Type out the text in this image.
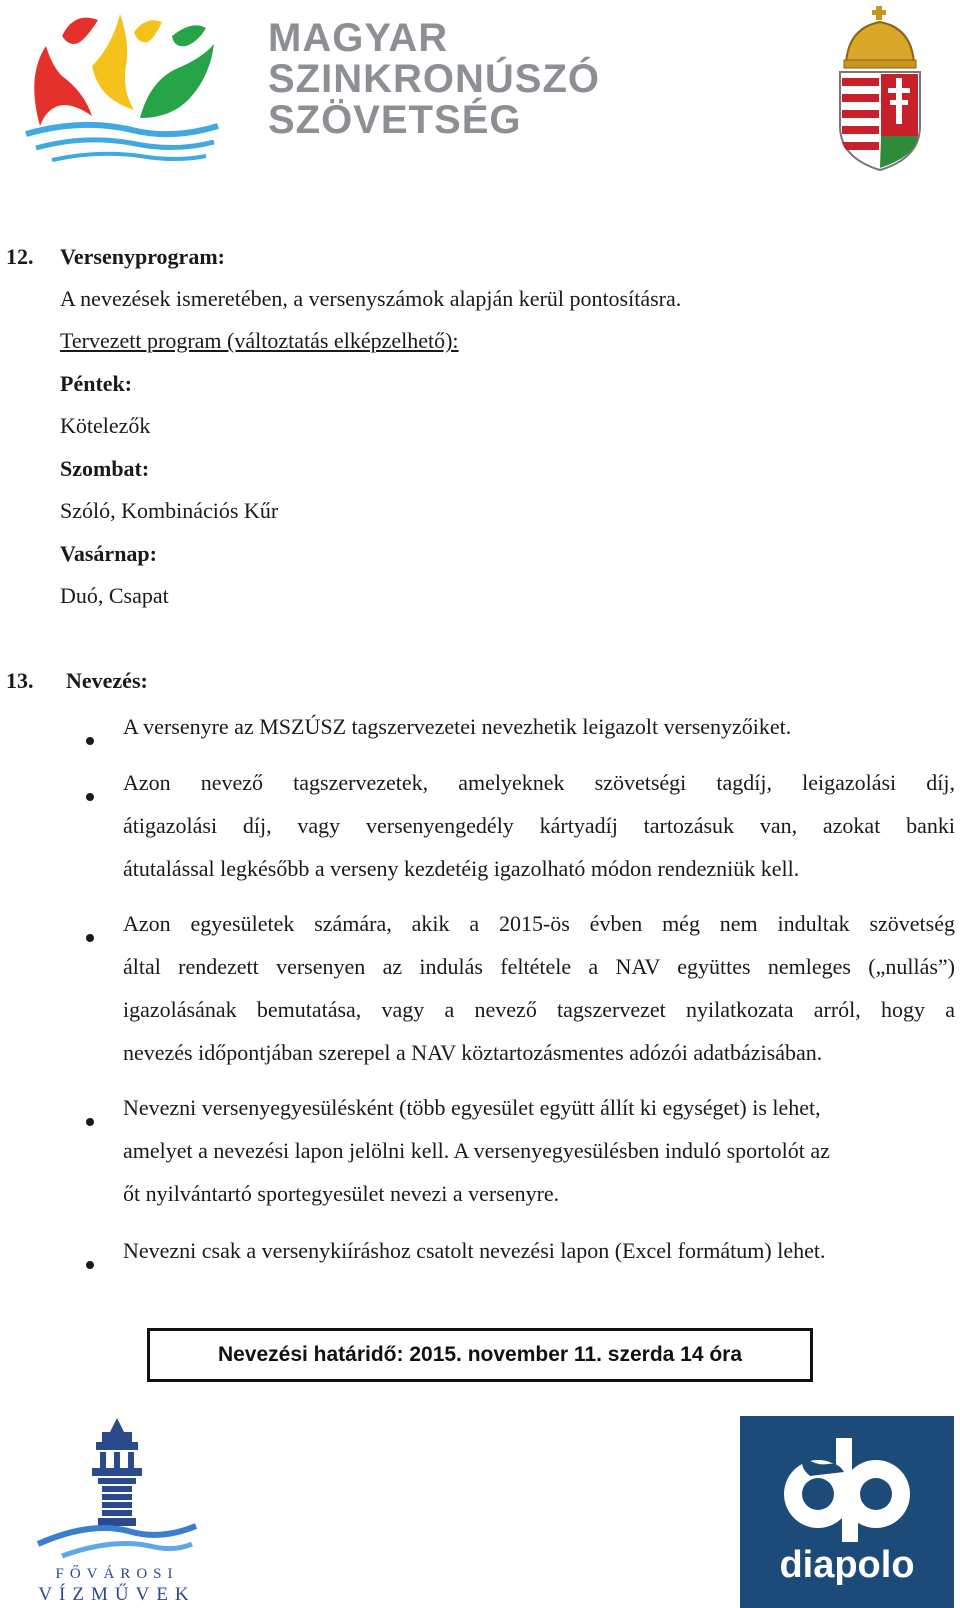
MAGYAR
SZINKRONÚSZÓ
SZÖVETSÉG
12. Versenyprogram:
A nevezések ismeretében, a versenyszámok alapján kerül pontosításra.
Tervezett program (változtatás elképzelhető):
Péntek:
Kötelezők
Szombat:
Szóló, Kombinációs Kűr
Vasárnap:
Duó, Csapat
13. Nevezés:
A versenyre az MSZÚSZ tagszervezetei nevezhetik leigazolt versenyzőiket.
Azon nevező tagszervezetek, amelyeknek szövetségi tagdíj, leigazolási díj,
átigazolási díj, vagy versenyengedély kártyadíj tartozásuk van, azokat banki
átutalással legkésőbb a verseny kezdetéig igazolható módon rendezniük kell.
Azon egyesületek számára, akik a 2015-ös évben még nem indultak szövetség
által rendezett versenyen az indulás feltétele a NAV együttes nemleges („nullás”)
igazolásának bemutatása, vagy a nevező tagszervezet nyilatkozata arról, hogy a
nevezés időpontjában szerepel a NAV köztartozásmentes adózói adatbázisában.
Nevezni versenyegyesülésként (több egyesület együtt állít ki egységet) is lehet,
amelyet a nevezési lapon jelölni kell. A versenyegyesülésben induló sportolót az
őt nyilvántartó sportegyesület nevezi a versenyre.
Nevezni csak a versenykiíráshoz csatolt nevezési lapon (Excel formátum) lehet.
Nevezési határidő: 2015. november 11. szerda 14 óra
FŐVÁROSI
VÍZMŰVEK
diapolo
